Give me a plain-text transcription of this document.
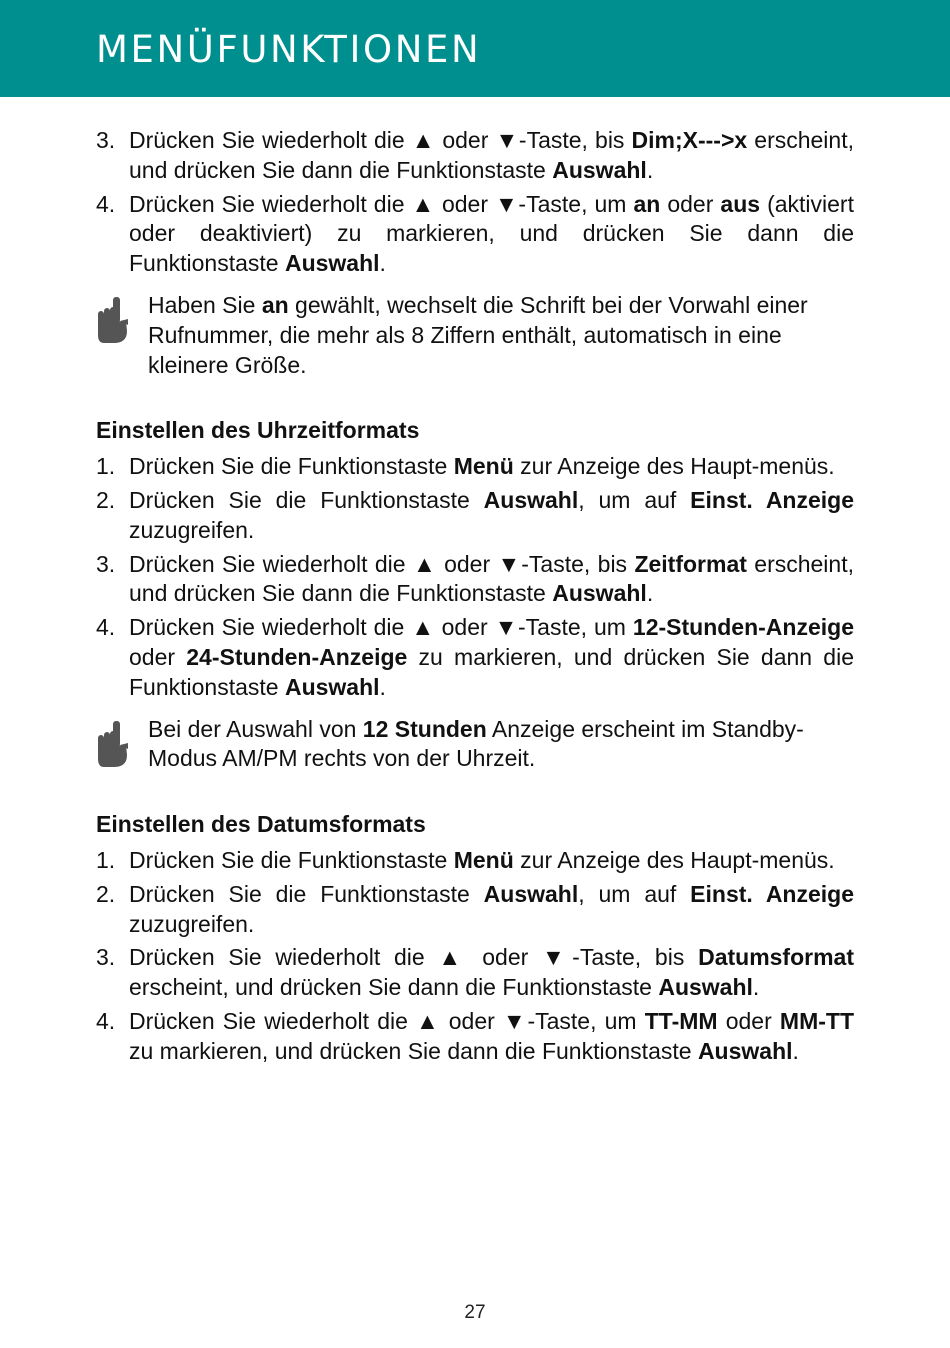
MENÜFUNKTIONEN
3. Drücken Sie wiederholt die ▲ oder ▼-Taste, bis Dim;X--->x erscheint, und drücken Sie dann die Funktionstaste Auswahl.
4. Drücken Sie wiederholt die ▲ oder ▼-Taste, um an oder aus (aktiviert oder deaktiviert) zu markieren, und drücken Sie dann die Funktionstaste Auswahl.
Haben Sie an gewählt, wechselt die Schrift bei der Vorwahl einer Rufnummer, die mehr als 8 Ziffern enthält, automatisch in eine kleinere Größe.
Einstellen des Uhrzeitformats
1. Drücken Sie die Funktionstaste Menü zur Anzeige des Haupt-menüs.
2. Drücken Sie die Funktionstaste Auswahl, um auf Einst. Anzeige zuzugreifen.
3. Drücken Sie wiederholt die ▲ oder ▼-Taste, bis Zeitformat erscheint, und drücken Sie dann die Funktionstaste Auswahl.
4. Drücken Sie wiederholt die ▲ oder ▼-Taste, um 12-Stunden-Anzeige oder 24-Stunden-Anzeige zu markieren, und drücken Sie dann die Funktionstaste Auswahl.
Bei der Auswahl von 12 Stunden Anzeige erscheint im Standby-Modus AM/PM rechts von der Uhrzeit.
Einstellen des Datumsformats
1. Drücken Sie die Funktionstaste Menü zur Anzeige des Haupt-menüs.
2. Drücken Sie die Funktionstaste Auswahl, um auf Einst. Anzeige zuzugreifen.
3. Drücken Sie wiederholt die ▲ oder ▼-Taste, bis Datumsformat erscheint, und drücken Sie dann die Funktionstaste Auswahl.
4. Drücken Sie wiederholt die ▲ oder ▼-Taste, um TT-MM oder MM-TT zu markieren, und drücken Sie dann die Funktionstaste Auswahl.
27
